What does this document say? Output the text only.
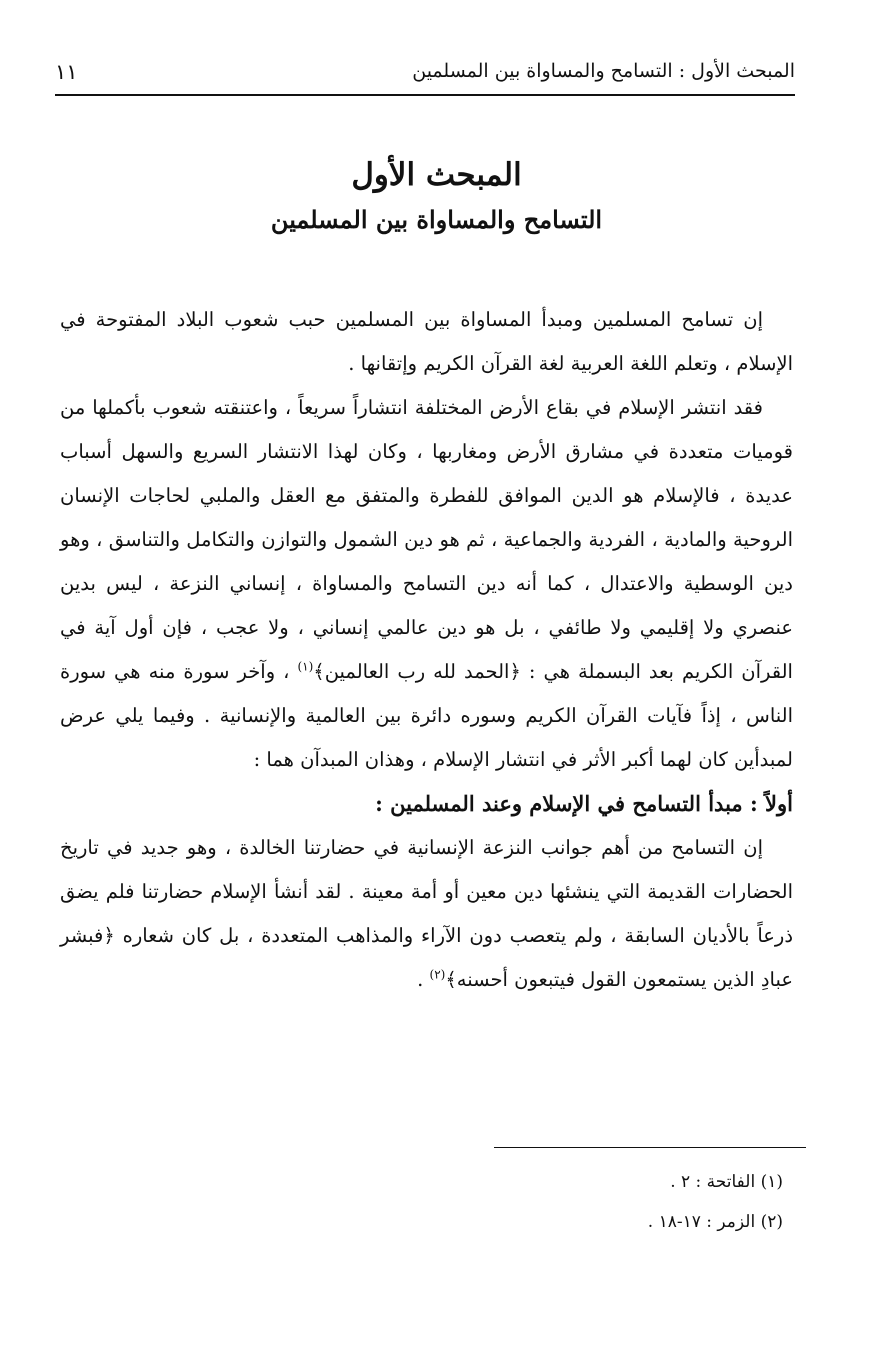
المبحث الأول : التسامح والمساواة بين المسلمين
١١
المبحث الأول
التسامح والمساواة بين المسلمين

إن تسامح المسلمين ومبدأ المساواة بين المسلمين حبب شعوب البلاد المفتوحة في الإسلام ، وتعلم اللغة العربية لغة القرآن الكريم وإتقانها .

فقد انتشر الإسلام في بقاع الأرض المختلفة انتشاراً سريعاً ، واعتنقته شعوب بأكملها من قوميات متعددة في مشارق الأرض ومغاربها ، وكان لهذا الانتشار السريع والسهل أسباب عديدة ، فالإسلام هو الدين الموافق للفطرة والمتفق مع العقل والملبي لحاجات الإنسان الروحية والمادية ، الفردية والجماعية ، ثم هو دين الشمول والتوازن والتكامل والتناسق ، وهو دين الوسطية والاعتدال ، كما أنه دين التسامح والمساواة ، إنساني النزعة ، ليس بدين عنصري ولا إقليمي ولا طائفي ، بل هو دين عالمي إنساني ، ولا عجب ، فإن أول آية في القرآن الكريم بعد البسملة هي : ﴿الحمد لله رب العالمين﴾$^{(١)}$ ، وآخر سورة منه هي سورة الناس ، إذاً فآيات القرآن الكريم وسوره دائرة بين العالمية والإنسانية . وفيما يلي عرض لمبدأين كان لهما أكبر الأثر في انتشار الإسلام ، وهذان المبدآن هما :

أولاً : مبدأ التسامح في الإسلام وعند المسلمين :

إن التسامح من أهم جوانب النزعة الإنسانية في حضارتنا الخالدة ، وهو جديد في تاريخ الحضارات القديمة التي ينشئها دين معين أو أمة معينة . لقد أنشأ الإسلام حضارتنا فلم يضق ذرعاً بالأديان السابقة ، ولم يتعصب دون الآراء والمذاهب المتعددة ، بل كان شعاره ﴿فبشر عبادِ الذين يستمعون القول فيتبعون أحسنه﴾$^{(٢)}$ .

(١) الفاتحة : ٢ .

(٢) الزمر : ١٧-١٨ .
